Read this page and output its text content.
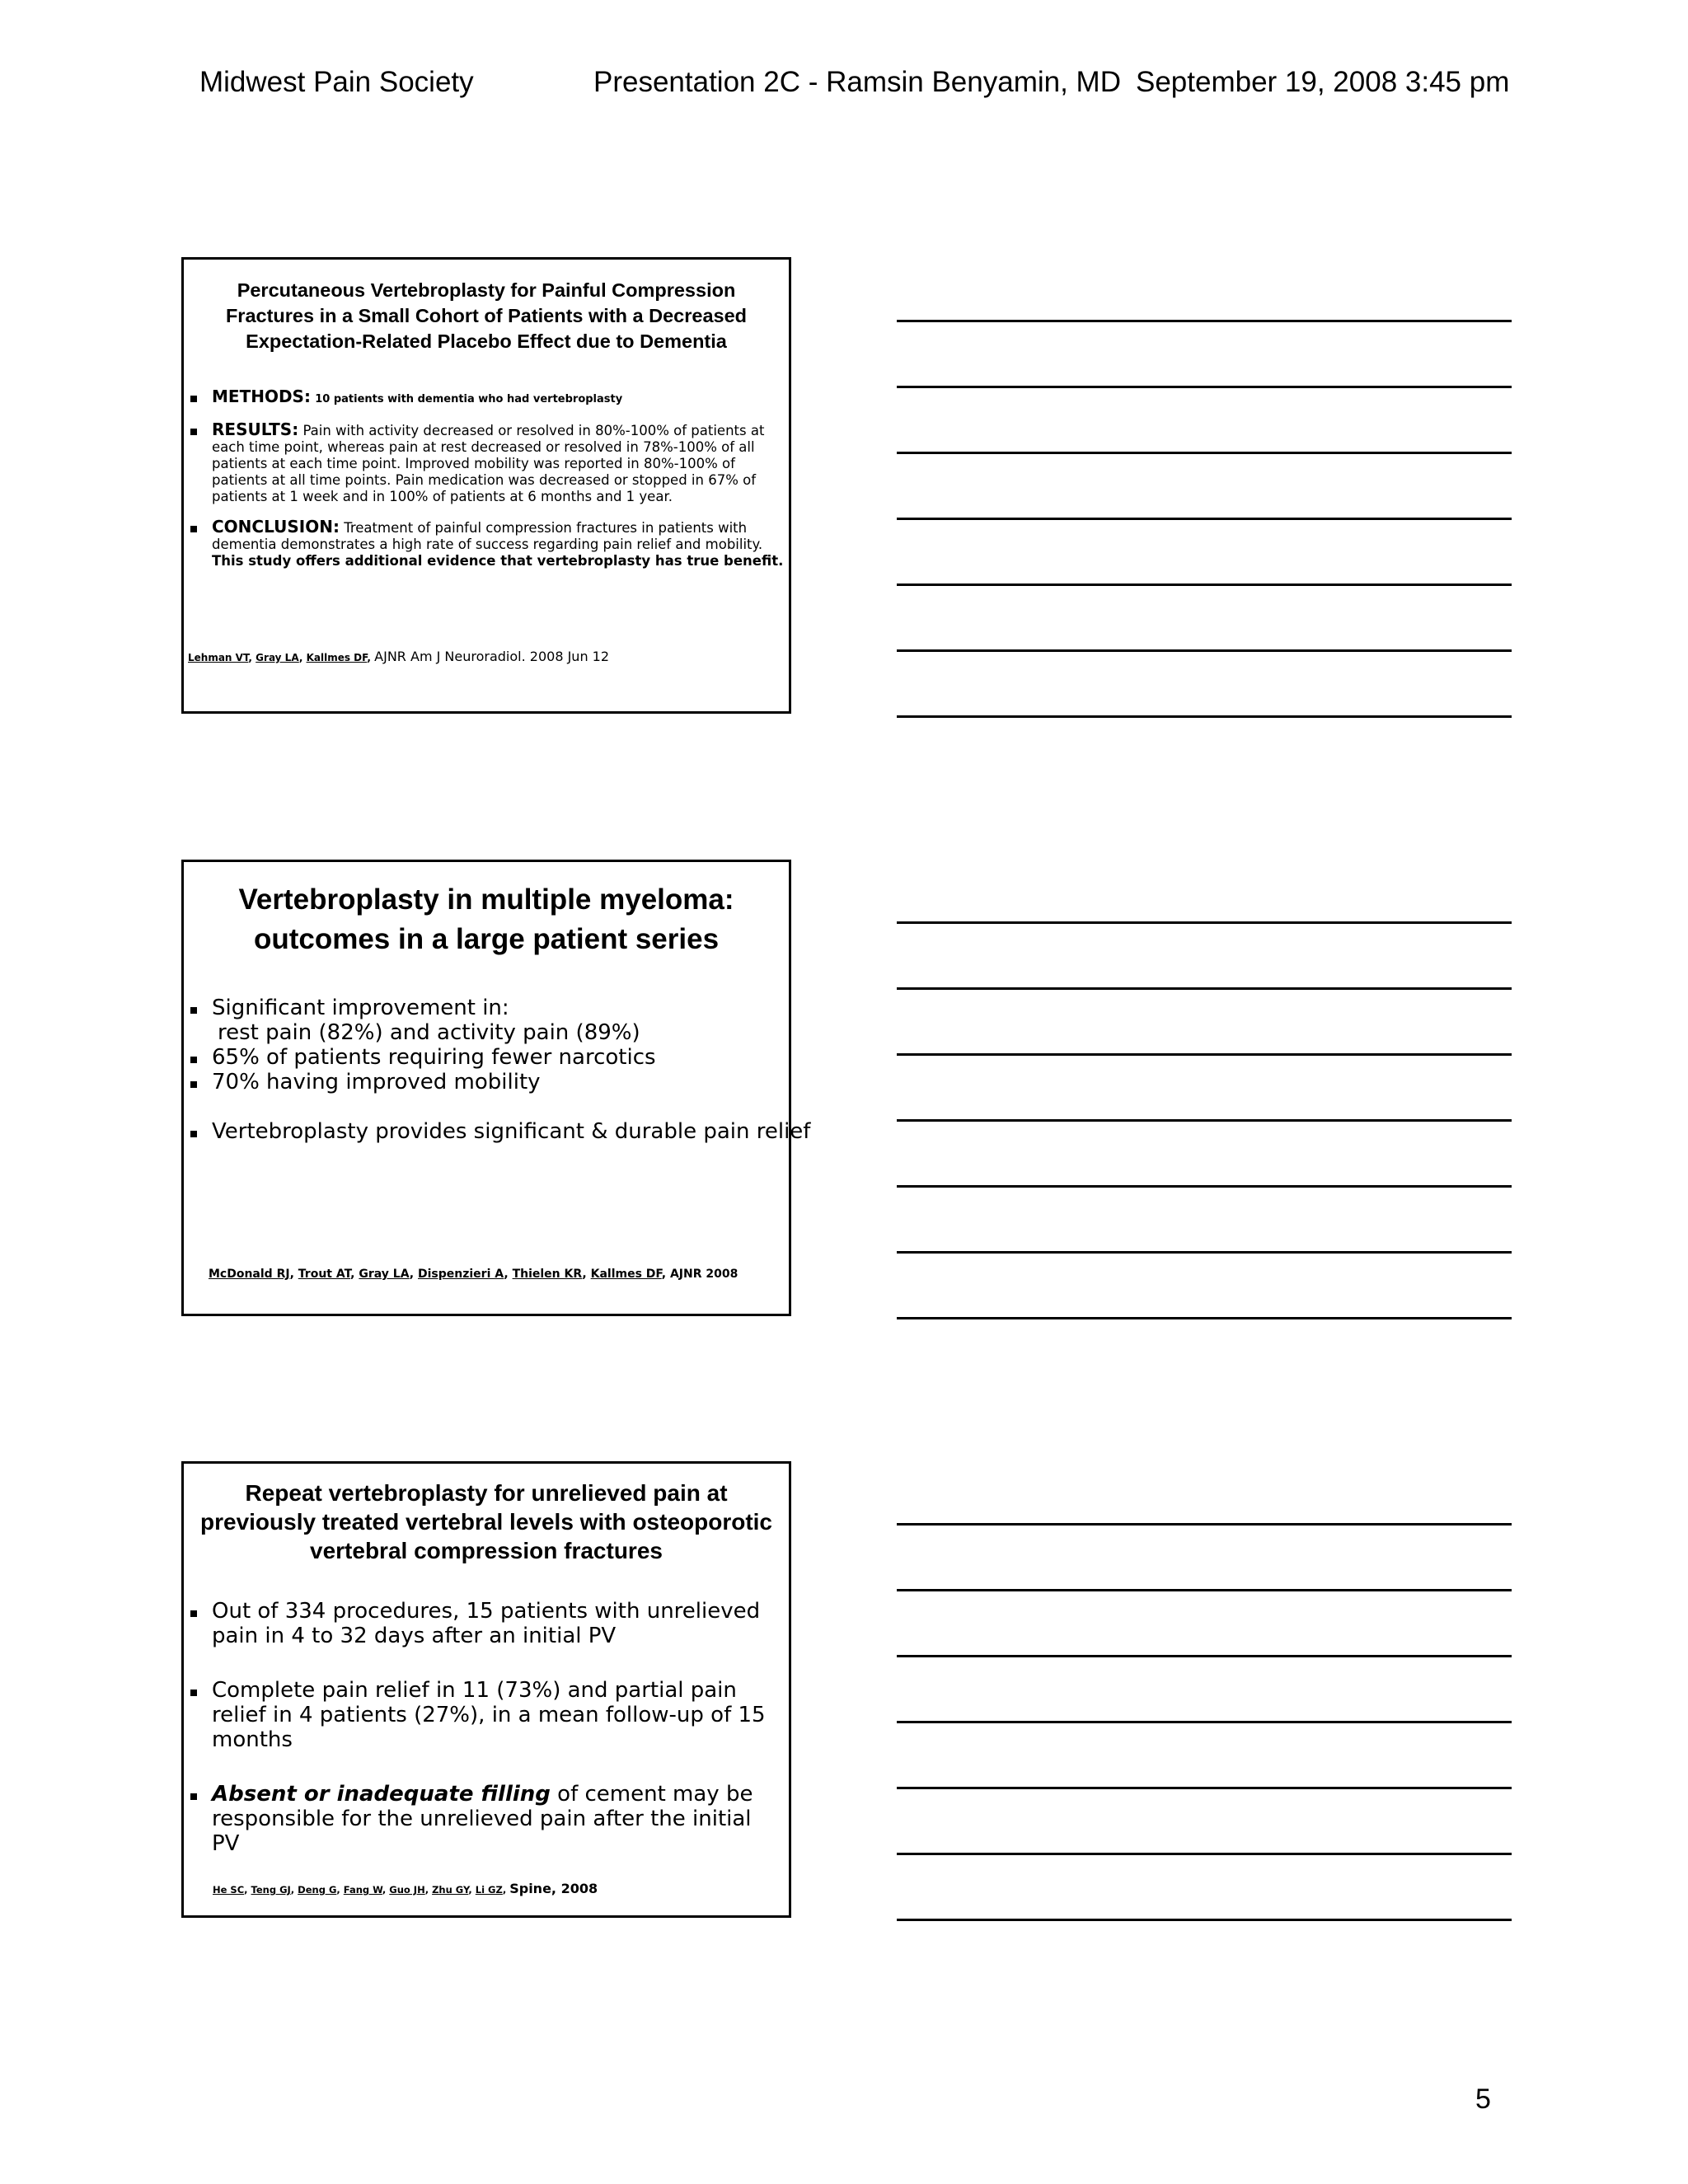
Midwest Pain Society	Presentation 2C - Ramsin Benyamin, MD September 19, 2008 3:45 pm
Percutaneous Vertebroplasty for Painful Compression Fractures in a Small Cohort of Patients with a Decreased Expectation-Related Placebo Effect due to Dementia
METHODS: 10 patients with dementia who had vertebroplasty
RESULTS: Pain with activity decreased or resolved in 80%-100% of patients at each time point, whereas pain at rest decreased or resolved in 78%-100% of all patients at each time point. Improved mobility was reported in 80%-100% of patients at all time points. Pain medication was decreased or stopped in 67% of patients at 1 week and in 100% of patients at 6 months and 1 year.
CONCLUSION: Treatment of painful compression fractures in patients with dementia demonstrates a high rate of success regarding pain relief and mobility. This study offers additional evidence that vertebroplasty has true benefit.
Lehman VT, Gray LA, Kallmes DF, AJNR Am J Neuroradiol. 2008 Jun 12
Vertebroplasty in multiple myeloma: outcomes in a large patient series
Significant improvement in:
rest pain (82%) and activity pain (89%)
65% of patients requiring fewer narcotics
70% having improved mobility
Vertebroplasty provides significant & durable pain relief
McDonald RJ, Trout AT, Gray LA, Dispenzieri A, Thielen KR, Kallmes DF, AJNR 2008
Repeat vertebroplasty for unrelieved pain at previously treated vertebral levels with osteoporotic vertebral compression fractures
Out of 334 procedures, 15 patients with unrelieved pain in 4 to 32 days after an initial PV
Complete pain relief in 11 (73%) and partial pain relief in 4 patients (27%), in a mean follow-up of 15 months
Absent or inadequate filling of cement may be responsible for the unrelieved pain after the initial PV
He SC, Teng GJ, Deng G, Fang W, Guo JH, Zhu GY, Li GZ, Spine, 2008
5
